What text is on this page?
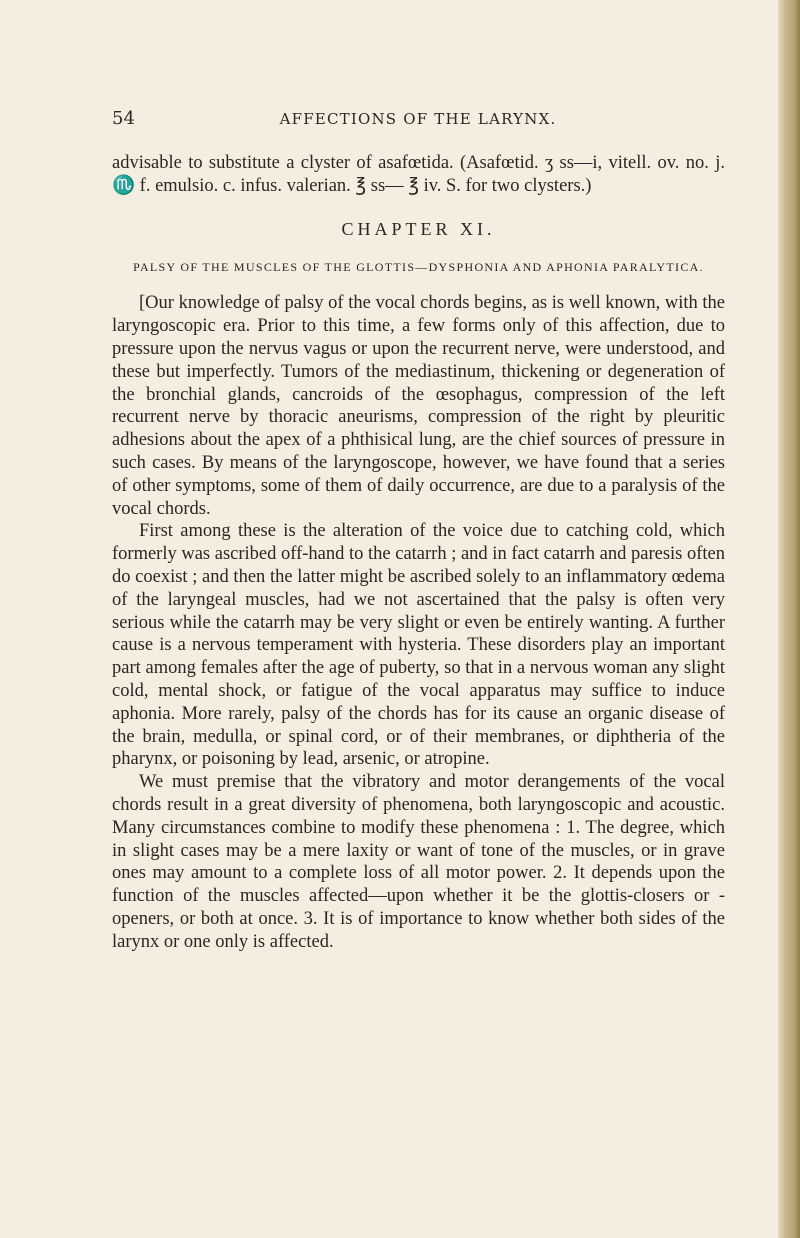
54	AFFECTIONS OF THE LARYNX.

advisable to substitute a clyster of asafœtida. (Asafœtid. ʒ ss—i, vitell. ov. no. j. ♏ f. emulsio. c. infus. valerian. ℥ ss— ℥ iv. S. for two clysters.)

CHAPTER XI.
PALSY OF THE MUSCLES OF THE GLOTTIS—DYSPHONIA AND APHONIA PARALYTICA.

[Our knowledge of palsy of the vocal chords begins, as is well known, with the laryngoscopic era. Prior to this time, a few forms only of this affection, due to pressure upon the nervus vagus or upon the recurrent nerve, were understood, and these but imperfectly. Tumors of the mediastinum, thickening or degeneration of the bronchial glands, cancroids of the œsophagus, compression of the left recurrent nerve by thoracic aneurisms, compression of the right by pleuritic adhesions about the apex of a phthisical lung, are the chief sources of pressure in such cases. By means of the laryngoscope, however, we have found that a series of other symptoms, some of them of daily occurrence, are due to a paralysis of the vocal chords.

First among these is the alteration of the voice due to catching cold, which formerly was ascribed off-hand to the catarrh ; and in fact catarrh and paresis often do coexist ; and then the latter might be ascribed solely to an inflammatory œdema of the laryngeal muscles, had we not ascertained that the palsy is often very serious while the catarrh may be very slight or even be entirely wanting. A further cause is a nervous temperament with hysteria. These disorders play an important part among females after the age of puberty, so that in a nervous woman any slight cold, mental shock, or fatigue of the vocal apparatus may suffice to induce aphonia. More rarely, palsy of the chords has for its cause an organic disease of the brain, medulla, or spinal cord, or of their membranes, or diphtheria of the pharynx, or poisoning by lead, arsenic, or atropine.

We must premise that the vibratory and motor derangements of the vocal chords result in a great diversity of phenomena, both laryngoscopic and acoustic. Many circumstances combine to modify these phenomena : 1. The degree, which in slight cases may be a mere laxity or want of tone of the muscles, or in grave ones may amount to a complete loss of all motor power. 2. It depends upon the function of the muscles affected—upon whether it be the glottis-closers or -openers, or both at once. 3. It is of importance to know whether both sides of the larynx or one only is affected.
